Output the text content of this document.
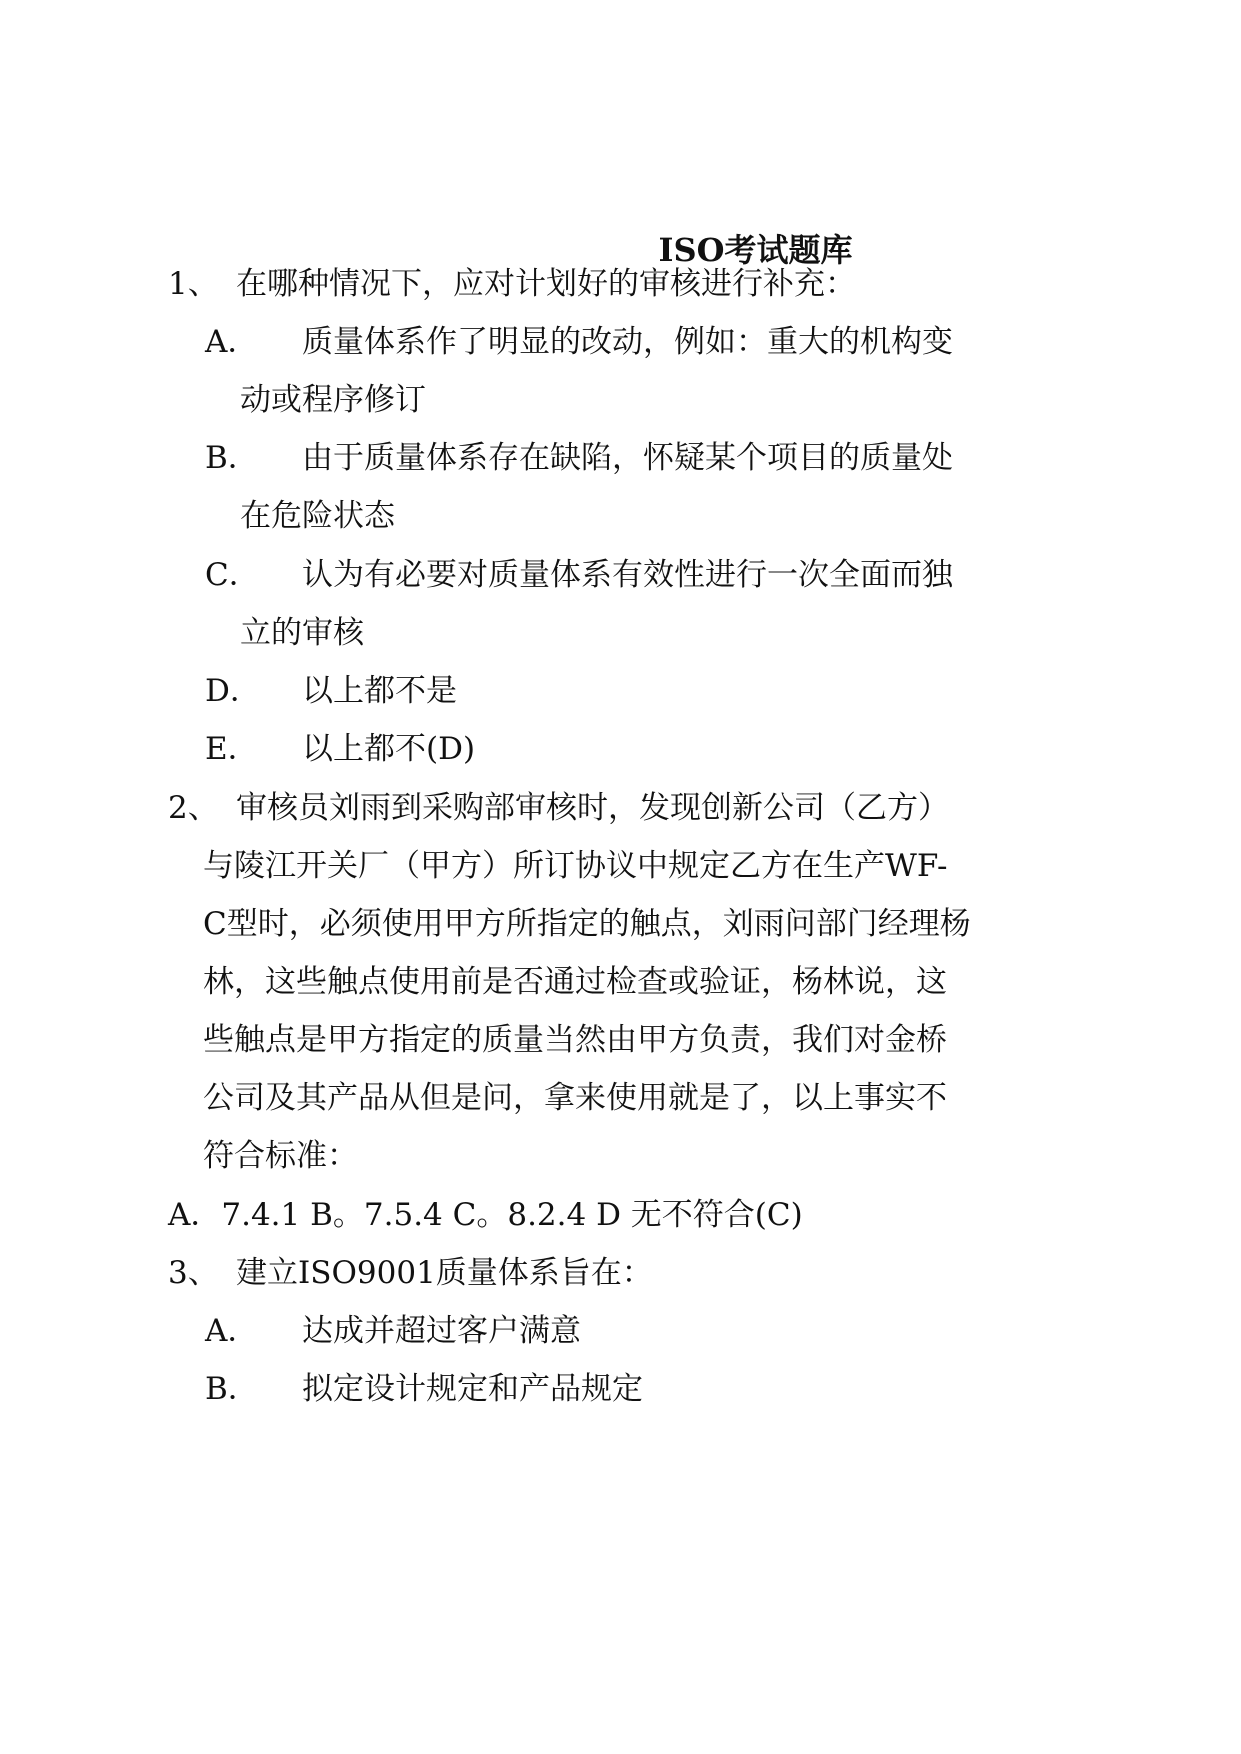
ISO考试题库
1、 在哪种情况下，应对计划好的审核进行补充：
A． 质量体系作了明显的改动，例如：重大的机构变
动或程序修订
B． 由于质量体系存在缺陷，怀疑某个项目的质量处
在危险状态
C． 认为有必要对质量体系有效性进行一次全面而独
立的审核
D． 以上都不是
E． 以上都不(D)
2、 审核员刘雨到采购部审核时，发现创新公司（乙方）
与陵江开关厂（甲方）所订协议中规定乙方在生产WF-
C型时，必须使用甲方所指定的触点，刘雨问部门经理杨
林，这些触点使用前是否通过检查或验证，杨林说，这
些触点是甲方指定的质量当然由甲方负责，我们对金桥
公司及其产品从但是问，拿来使用就是了，以上事实不
符合标准：
A．7.4.1 B。7.5.4 C。8.2.4 D 无不符合(C)
3、 建立ISO9001质量体系旨在：
A． 达成并超过客户满意
B． 拟定设计规定和产品规定
